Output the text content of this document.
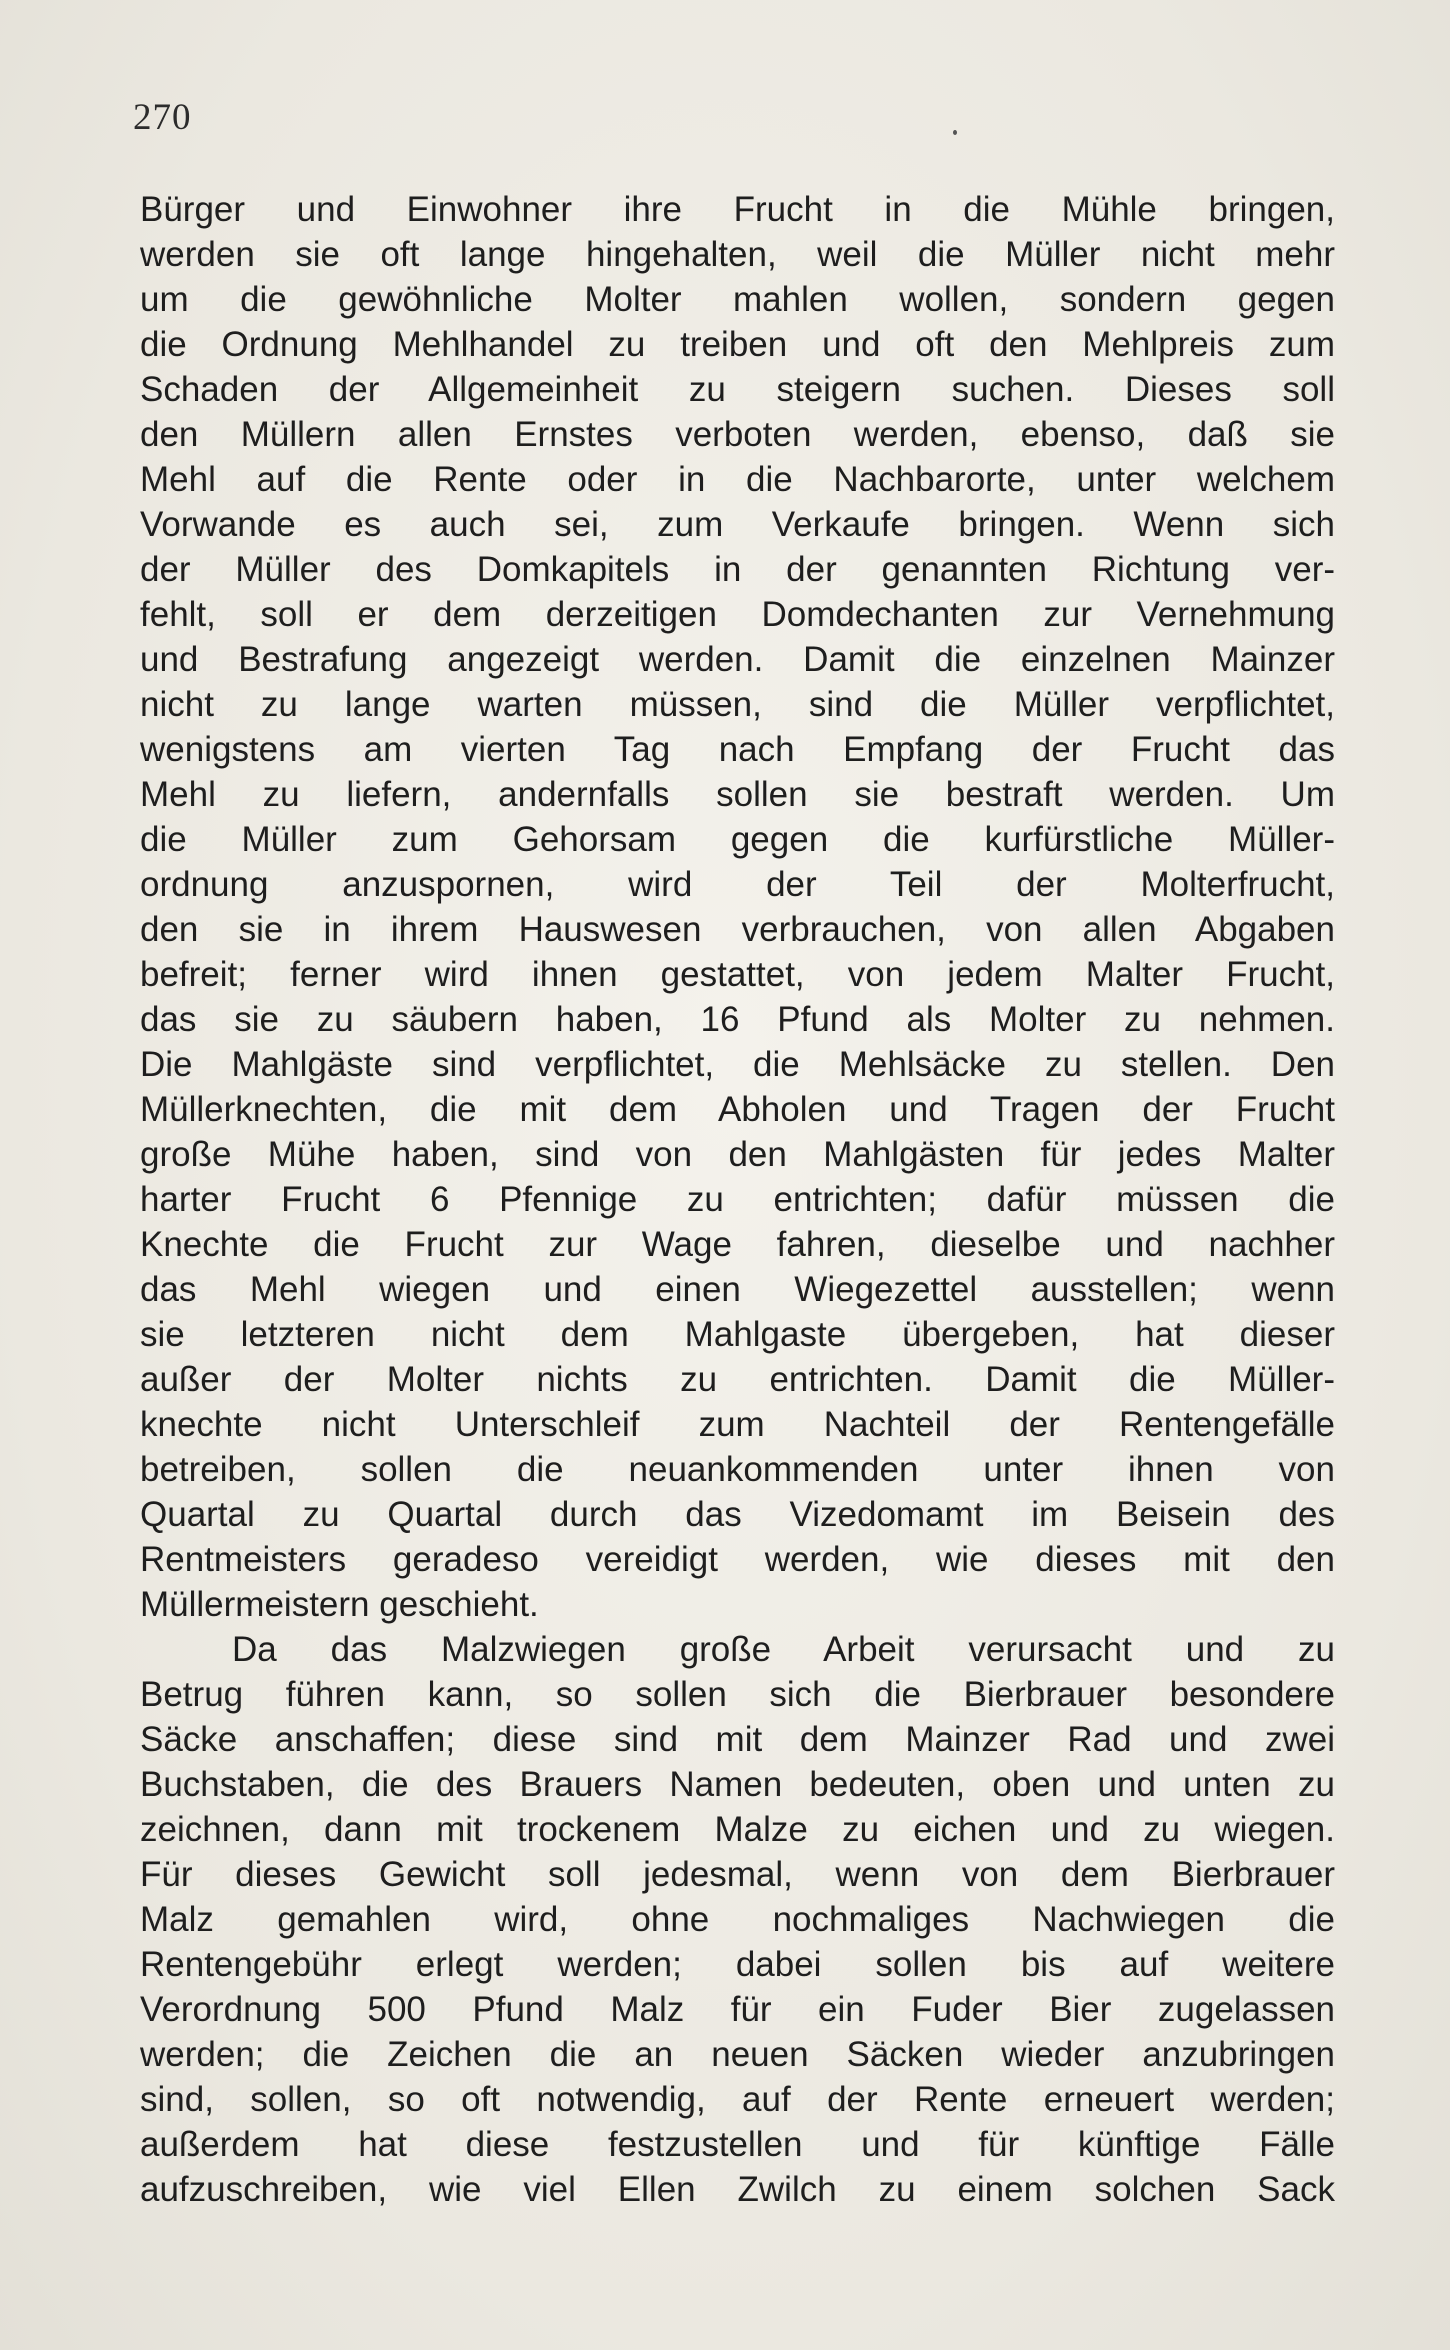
270
Bürger und Einwohner ihre Frucht in die Mühle bringen,
werden sie oft lange hingehalten, weil die Müller nicht mehr
um die gewöhnliche Molter mahlen wollen, sondern gegen
die Ordnung Mehlhandel zu treiben und oft den Mehlpreis zum
Schaden der Allgemeinheit zu steigern suchen. Dieses soll
den Müllern allen Ernstes verboten werden, ebenso, daß sie
Mehl auf die Rente oder in die Nachbarorte, unter welchem
Vorwande es auch sei, zum Verkaufe bringen. Wenn sich
der Müller des Domkapitels in der genannten Richtung ver-
fehlt, soll er dem derzeitigen Domdechanten zur Vernehmung
und Bestrafung angezeigt werden. Damit die einzelnen Mainzer
nicht zu lange warten müssen, sind die Müller verpflichtet,
wenigstens am vierten Tag nach Empfang der Frucht das
Mehl zu liefern, andernfalls sollen sie bestraft werden. Um
die Müller zum Gehorsam gegen die kurfürstliche Müller-
ordnung anzuspornen, wird der Teil der Molterfrucht,
den sie in ihrem Hauswesen verbrauchen, von allen Abgaben
befreit; ferner wird ihnen gestattet, von jedem Malter Frucht,
das sie zu säubern haben, 16 Pfund als Molter zu nehmen.
Die Mahlgäste sind verpflichtet, die Mehlsäcke zu stellen. Den
Müllerknechten, die mit dem Abholen und Tragen der Frucht
große Mühe haben, sind von den Mahlgästen für jedes Malter
harter Frucht 6 Pfennige zu entrichten; dafür müssen die
Knechte die Frucht zur Wage fahren, dieselbe und nachher
das Mehl wiegen und einen Wiegezettel ausstellen; wenn
sie letzteren nicht dem Mahlgaste übergeben, hat dieser
außer der Molter nichts zu entrichten. Damit die Müller-
knechte nicht Unterschleif zum Nachteil der Rentengefälle
betreiben, sollen die neuankommenden unter ihnen von
Quartal zu Quartal durch das Vizedomamt im Beisein des
Rentmeisters geradeso vereidigt werden, wie dieses mit den
Müllermeistern geschieht.
Da das Malzwiegen große Arbeit verursacht und zu
Betrug führen kann, so sollen sich die Bierbrauer besondere
Säcke anschaffen; diese sind mit dem Mainzer Rad und zwei
Buchstaben, die des Brauers Namen bedeuten, oben und unten zu
zeichnen, dann mit trockenem Malze zu eichen und zu wiegen.
Für dieses Gewicht soll jedesmal, wenn von dem Bierbrauer
Malz gemahlen wird, ohne nochmaliges Nachwiegen die
Rentengebühr erlegt werden; dabei sollen bis auf weitere
Verordnung 500 Pfund Malz für ein Fuder Bier zugelassen
werden; die Zeichen die an neuen Säcken wieder anzubringen
sind, sollen, so oft notwendig, auf der Rente erneuert werden;
außerdem hat diese festzustellen und für künftige Fälle
aufzuschreiben, wie viel Ellen Zwilch zu einem solchen Sack
